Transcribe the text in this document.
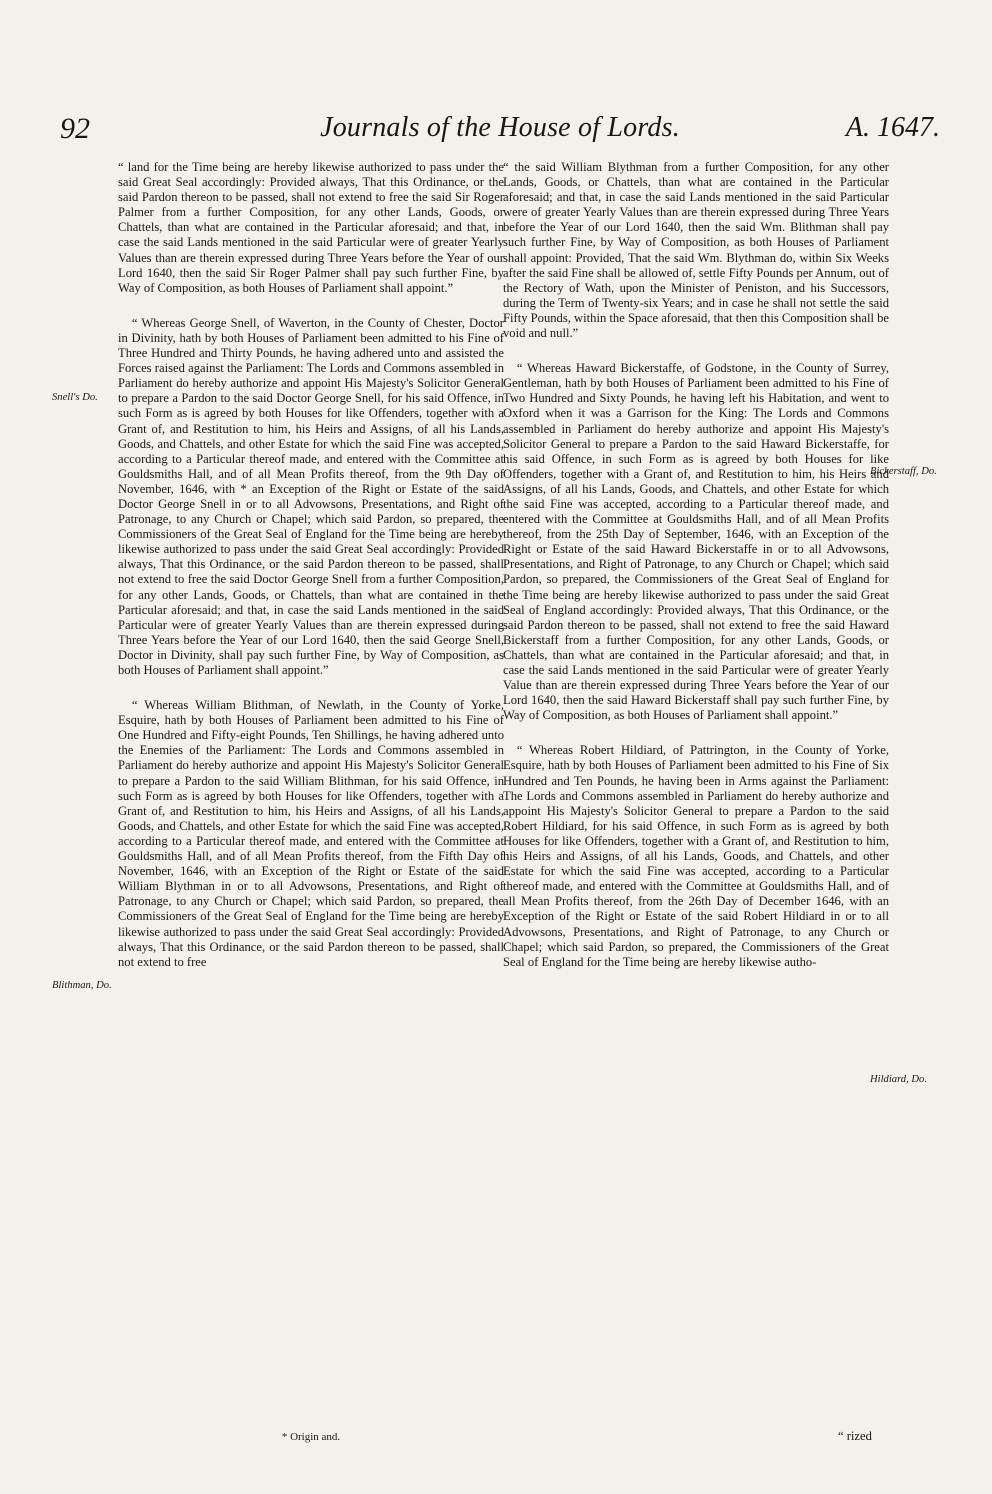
92	Journals of the House of Lords.	A. 1647.
Snell's Do.
Blithman, Do.
Bickerstaff, Do.
Hildiard, Do.

“ land for the Time being are hereby likewise authorized to pass under the said Great Seal accordingly: Provided always, That this Ordinance, or the said Pardon thereon to be passed, shall not extend to free the said Sir Roger Palmer from a further Composition, for any other Lands, Goods, or Chattels, than what are contained in the Particular aforesaid; and that, in case the said Lands mentioned in the said Particular were of greater Yearly Values than are therein expressed during Three Years before the Year of our Lord 1640, then the said Sir Roger Palmer shall pay such further Fine, by Way of Composition, as both Houses of Parliament shall appoint.”

“ Whereas George Snell, of Waverton, in the County of Chester, Doctor in Divinity, hath by both Houses of Parliament been admitted to his Fine of Three Hundred and Thirty Pounds, he having adhered unto and assisted the Forces raised against the Parliament: The Lords and Commons assembled in Parliament do hereby authorize and appoint His Majesty's Solicitor General to prepare a Pardon to the said Doctor George Snell, for his said Offence, in such Form as is agreed by both Houses for like Offenders, together with a Grant of, and Restitution to him, his Heirs and Assigns, of all his Lands, Goods, and Chattels, and other Estate for which the said Fine was accepted, according to a Particular thereof made, and entered with the Committee at Gouldsmiths Hall, and of all Mean Profits thereof, from the 9th Day of November, 1646, with * an Exception of the Right or Estate of the said Doctor George Snell in or to all Advowsons, Presentations, and Right of Patronage, to any Church or Chapel; which said Pardon, so prepared, the Commissioners of the Great Seal of England for the Time being are hereby likewise authorized to pass under the said Great Seal accordingly: Provided always, That this Ordinance, or the said Pardon thereon to be passed, shall not extend to free the said Doctor George Snell from a further Composition, for any other Lands, Goods, or Chattels, than what are contained in the Particular aforesaid; and that, in case the said Lands mentioned in the said Particular were of greater Yearly Values than are therein expressed during Three Years before the Year of our Lord 1640, then the said George Snell, Doctor in Divinity, shall pay such further Fine, by Way of Composition, as both Houses of Parliament shall appoint.”

“ Whereas William Blithman, of Newlath, in the County of Yorke, Esquire, hath by both Houses of Parliament been admitted to his Fine of One Hundred and Fifty-eight Pounds, Ten Shillings, he having adhered unto the Enemies of the Parliament: The Lords and Commons assembled in Parliament do hereby authorize and appoint His Majesty's Solicitor General to prepare a Pardon to the said William Blithman, for his said Offence, in such Form as is agreed by both Houses for like Offenders, together with a Grant of, and Restitution to him, his Heirs and Assigns, of all his Lands, Goods, and Chattels, and other Estate for which the said Fine was accepted, according to a Particular thereof made, and entered with the Committee at Gouldsmiths Hall, and of all Mean Profits thereof, from the Fifth Day of November, 1646, with an Exception of the Right or Estate of the said William Blythman in or to all Advowsons, Presentations, and Right of Patronage, to any Church or Chapel; which said Pardon, so prepared, the Commissioners of the Great Seal of England for the Time being are hereby likewise authorized to pass under the said Great Seal accordingly: Provided always, That this Ordinance, or the said Pardon thereon to be passed, shall not extend to free

“ the said William Blythman from a further Composition, for any other Lands, Goods, or Chattels, than what are contained in the Particular aforesaid; and that, in case the said Lands mentioned in the said Particular were of greater Yearly Values than are therein expressed during Three Years before the Year of our Lord 1640, then the said Wm. Blithman shall pay such further Fine, by Way of Composition, as both Houses of Parliament shall appoint: Provided, That the said Wm. Blythman do, within Six Weeks after the said Fine shall be allowed of, settle Fifty Pounds per Annum, out of the Rectory of Wath, upon the Minister of Peniston, and his Successors, during the Term of Twenty-six Years; and in case he shall not settle the said Fifty Pounds, within the Space aforesaid, that then this Composition shall be void and null.”

“ Whereas Haward Bickerstaffe, of Godstone, in the County of Surrey, Gentleman, hath by both Houses of Parliament been admitted to his Fine of Two Hundred and Sixty Pounds, he having left his Habitation, and went to Oxford when it was a Garrison for the King: The Lords and Commons assembled in Parliament do hereby authorize and appoint His Majesty's Solicitor General to prepare a Pardon to the said Haward Bickerstaffe, for his said Offence, in such Form as is agreed by both Houses for like Offenders, together with a Grant of, and Restitution to him, his Heirs and Assigns, of all his Lands, Goods, and Chattels, and other Estate for which the said Fine was accepted, according to a Particular thereof made, and entered with the Committee at Gouldsmiths Hall, and of all Mean Profits thereof, from the 25th Day of September, 1646, with an Exception of the Right or Estate of the said Haward Bickerstaffe in or to all Advowsons, Presentations, and Right of Patronage, to any Church or Chapel; which said Pardon, so prepared, the Commissioners of the Great Seal of England for the Time being are hereby likewise authorized to pass under the said Great Seal of England accordingly: Provided always, That this Ordinance, or the said Pardon thereon to be passed, shall not extend to free the said Haward Bickerstaff from a further Composition, for any other Lands, Goods, or Chattels, than what are contained in the Particular aforesaid; and that, in case the said Lands mentioned in the said Particular were of greater Yearly Value than are therein expressed during Three Years before the Year of our Lord 1640, then the said Haward Bickerstaff shall pay such further Fine, by Way of Composition, as both Houses of Parliament shall appoint.”

“ Whereas Robert Hildiard, of Pattrington, in the County of Yorke, Esquire, hath by both Houses of Parliament been admitted to his Fine of Six Hundred and Ten Pounds, he having been in Arms against the Parliament: The Lords and Commons assembled in Parliament do hereby authorize and appoint His Majesty's Solicitor General to prepare a Pardon to the said Robert Hildiard, for his said Offence, in such Form as is agreed by both Houses for like Offenders, together with a Grant of, and Restitution to him, his Heirs and Assigns, of all his Lands, Goods, and Chattels, and other Estate for which the said Fine was accepted, according to a Particular thereof made, and entered with the Committee at Gouldsmiths Hall, and of all Mean Profits thereof, from the 26th Day of December 1646, with an Exception of the Right or Estate of the said Robert Hildiard in or to all Advowsons, Presentations, and Right of Patronage, to any Church or Chapel; which said Pardon, so prepared, the Commissioners of the Great Seal of England for the Time being are hereby likewise autho-

* Origin and.	“ rized
